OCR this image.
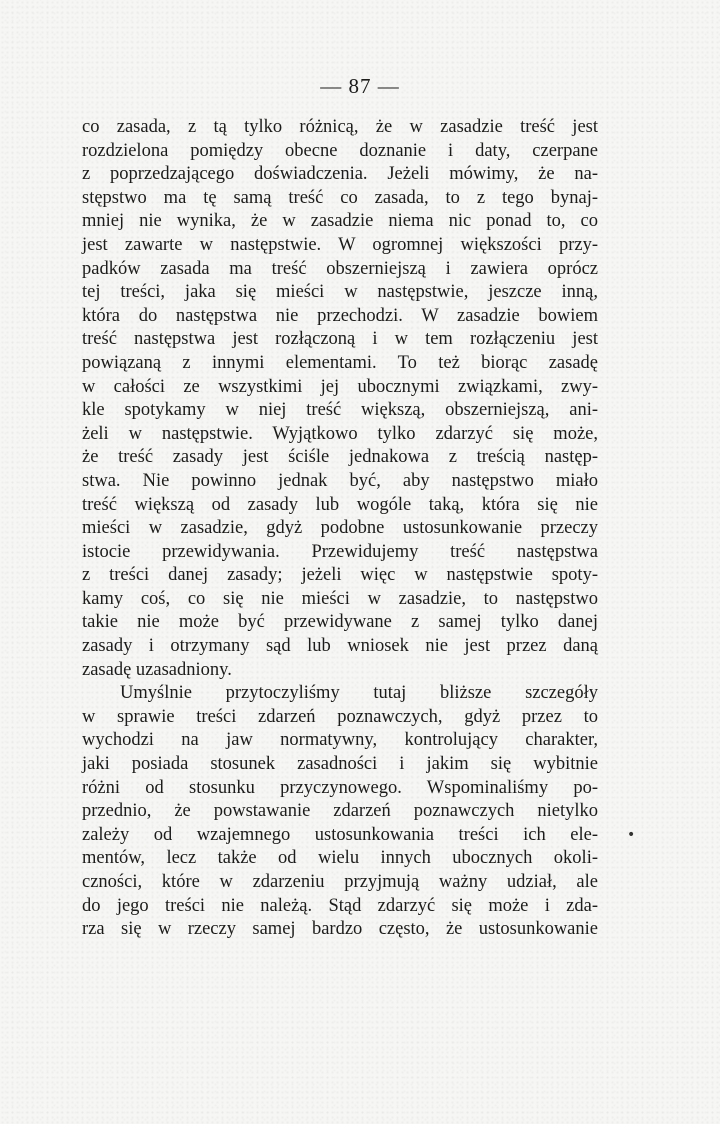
— 87 —
co zasada, z tą tylko różnicą, że w zasadzie treść jest
rozdzielona pomiędzy obecne doznanie i daty, czerpane
z poprzedzającego doświadczenia. Jeżeli mówimy, że na-
stępstwo ma tę samą treść co zasada, to z tego bynaj-
mniej nie wynika, że w zasadzie niema nic ponad to, co
jest zawarte w następstwie. W ogromnej większości przy-
padków zasada ma treść obszerniejszą i zawiera oprócz
tej treści, jaka się mieści w następstwie, jeszcze inną,
która do następstwa nie przechodzi. W zasadzie bowiem
treść następstwa jest rozłączoną i w tem rozłączeniu jest
powiązaną z innymi elementami. To też biorąc zasadę
w całości ze wszystkimi jej ubocznymi związkami, zwy-
kle spotykamy w niej treść większą, obszerniejszą, ani-
żeli w następstwie. Wyjątkowo tylko zdarzyć się może,
że treść zasady jest ściśle jednakowa z treścią następ-
stwa. Nie powinno jednak być, aby następstwo miało
treść większą od zasady lub wogóle taką, która się nie
mieści w zasadzie, gdyż podobne ustosunkowanie przeczy
istocie przewidywania. Przewidujemy treść następstwa
z treści danej zasady; jeżeli więc w następstwie spoty-
kamy coś, co się nie mieści w zasadzie, to następstwo
takie nie może być przewidywane z samej tylko danej
zasady i otrzymany sąd lub wniosek nie jest przez daną
zasadę uzasadniony.
Umyślnie przytoczyliśmy tutaj bliższe szczegóły
w sprawie treści zdarzeń poznawczych, gdyż przez to
wychodzi na jaw normatywny, kontrolujący charakter,
jaki posiada stosunek zasadności i jakim się wybitnie
różni od stosunku przyczynowego. Wspominaliśmy po-
przednio, że powstawanie zdarzeń poznawczych nietylko
zależy od wzajemnego ustosunkowania treści ich ele-
mentów, lecz także od wielu innych ubocznych okoli-
czności, które w zdarzeniu przyjmują ważny udział, ale
do jego treści nie należą. Stąd zdarzyć się może i zda-
rza się w rzeczy samej bardzo często, że ustosunkowanie
•
